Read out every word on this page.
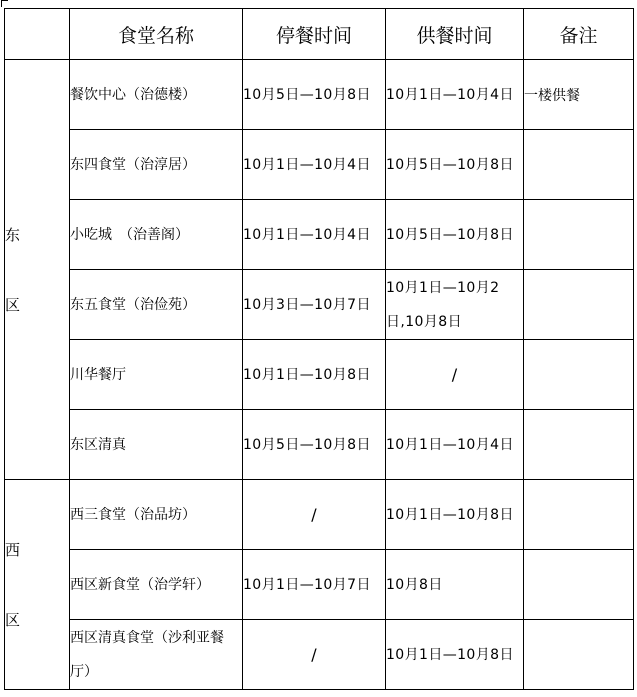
	食堂名称	停餐时间	供餐时间	备注

东
区	餐饮中心（治德楼）	10月5日—10月8日	10月1日—10月4日	一楼供餐
	东四食堂（治淳居）	10月1日—10月4日	10月5日—10月8日	
	小吃城　（治善阁）	10月1日—10月4日	10月5日—10月8日	
	东五食堂（治俭苑）	10月3日—10月7日	10月1日—10月2日,10月8日	
	川华餐厅	10月1日—10月8日	/	
	东区清真	10月5日—10月8日	10月1日—10月4日	

西
区	西三食堂（治品坊）	/	10月1日—10月8日	
	西区新食堂（治学轩）	10月1日—10月7日	10月8日	
	西区清真食堂（沙利亚餐厅）	/	10月1日—10月8日	
